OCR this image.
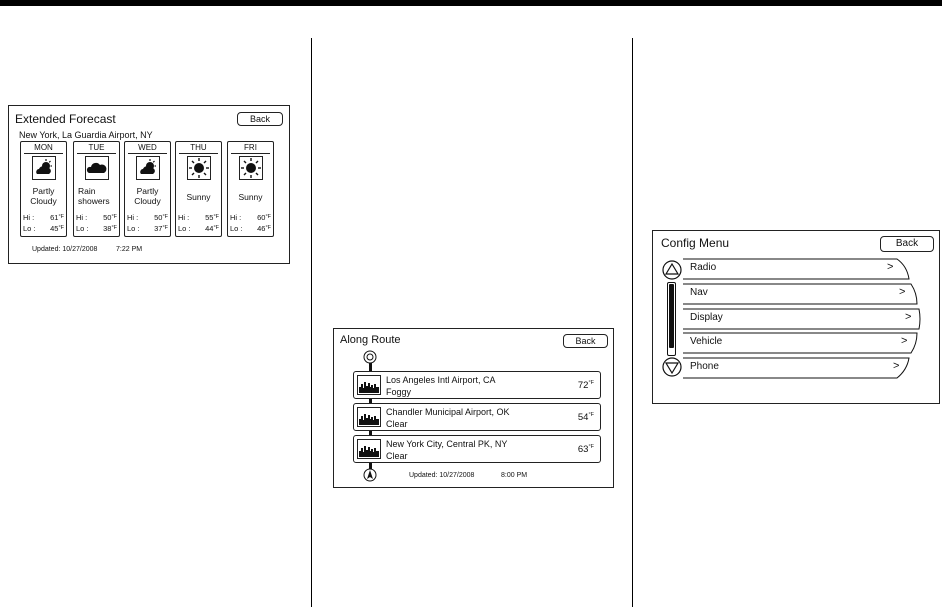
Extended Forecast	Back
New York, La Guardia Airport, NY
MON
Partly
Cloudy
Hi : $61^{^\circ F}$
Lo : $45^{^\circ F}$
TUE
Rain
showers
Hi : $50^{^\circ F}$
Lo : $38^{^\circ F}$
WED
Partly
Cloudy
Hi : $50^{^\circ F}$
Lo : $37^{^\circ F}$
THU
Sunny
Hi : $55^{^\circ F}$
Lo : $44^{^\circ F}$
FRI
Sunny
Hi : $60^{^\circ F}$
Lo : $46^{^\circ F}$
Updated: 10/27/2008	7:22 PM
Along Route	Back
Los Angeles Intl Airport, CA
Foggy
$72^{^\circ F}$
Chandler Municipal Airport, OK
Clear
$54^{^\circ F}$
New York City, Central PK, NY
Clear
$63^{^\circ F}$
Updated: 10/27/2008	8:00 PM
Config Menu	Back
Radio	>
Nav	>
Display	>
Vehicle	>
Phone	>
